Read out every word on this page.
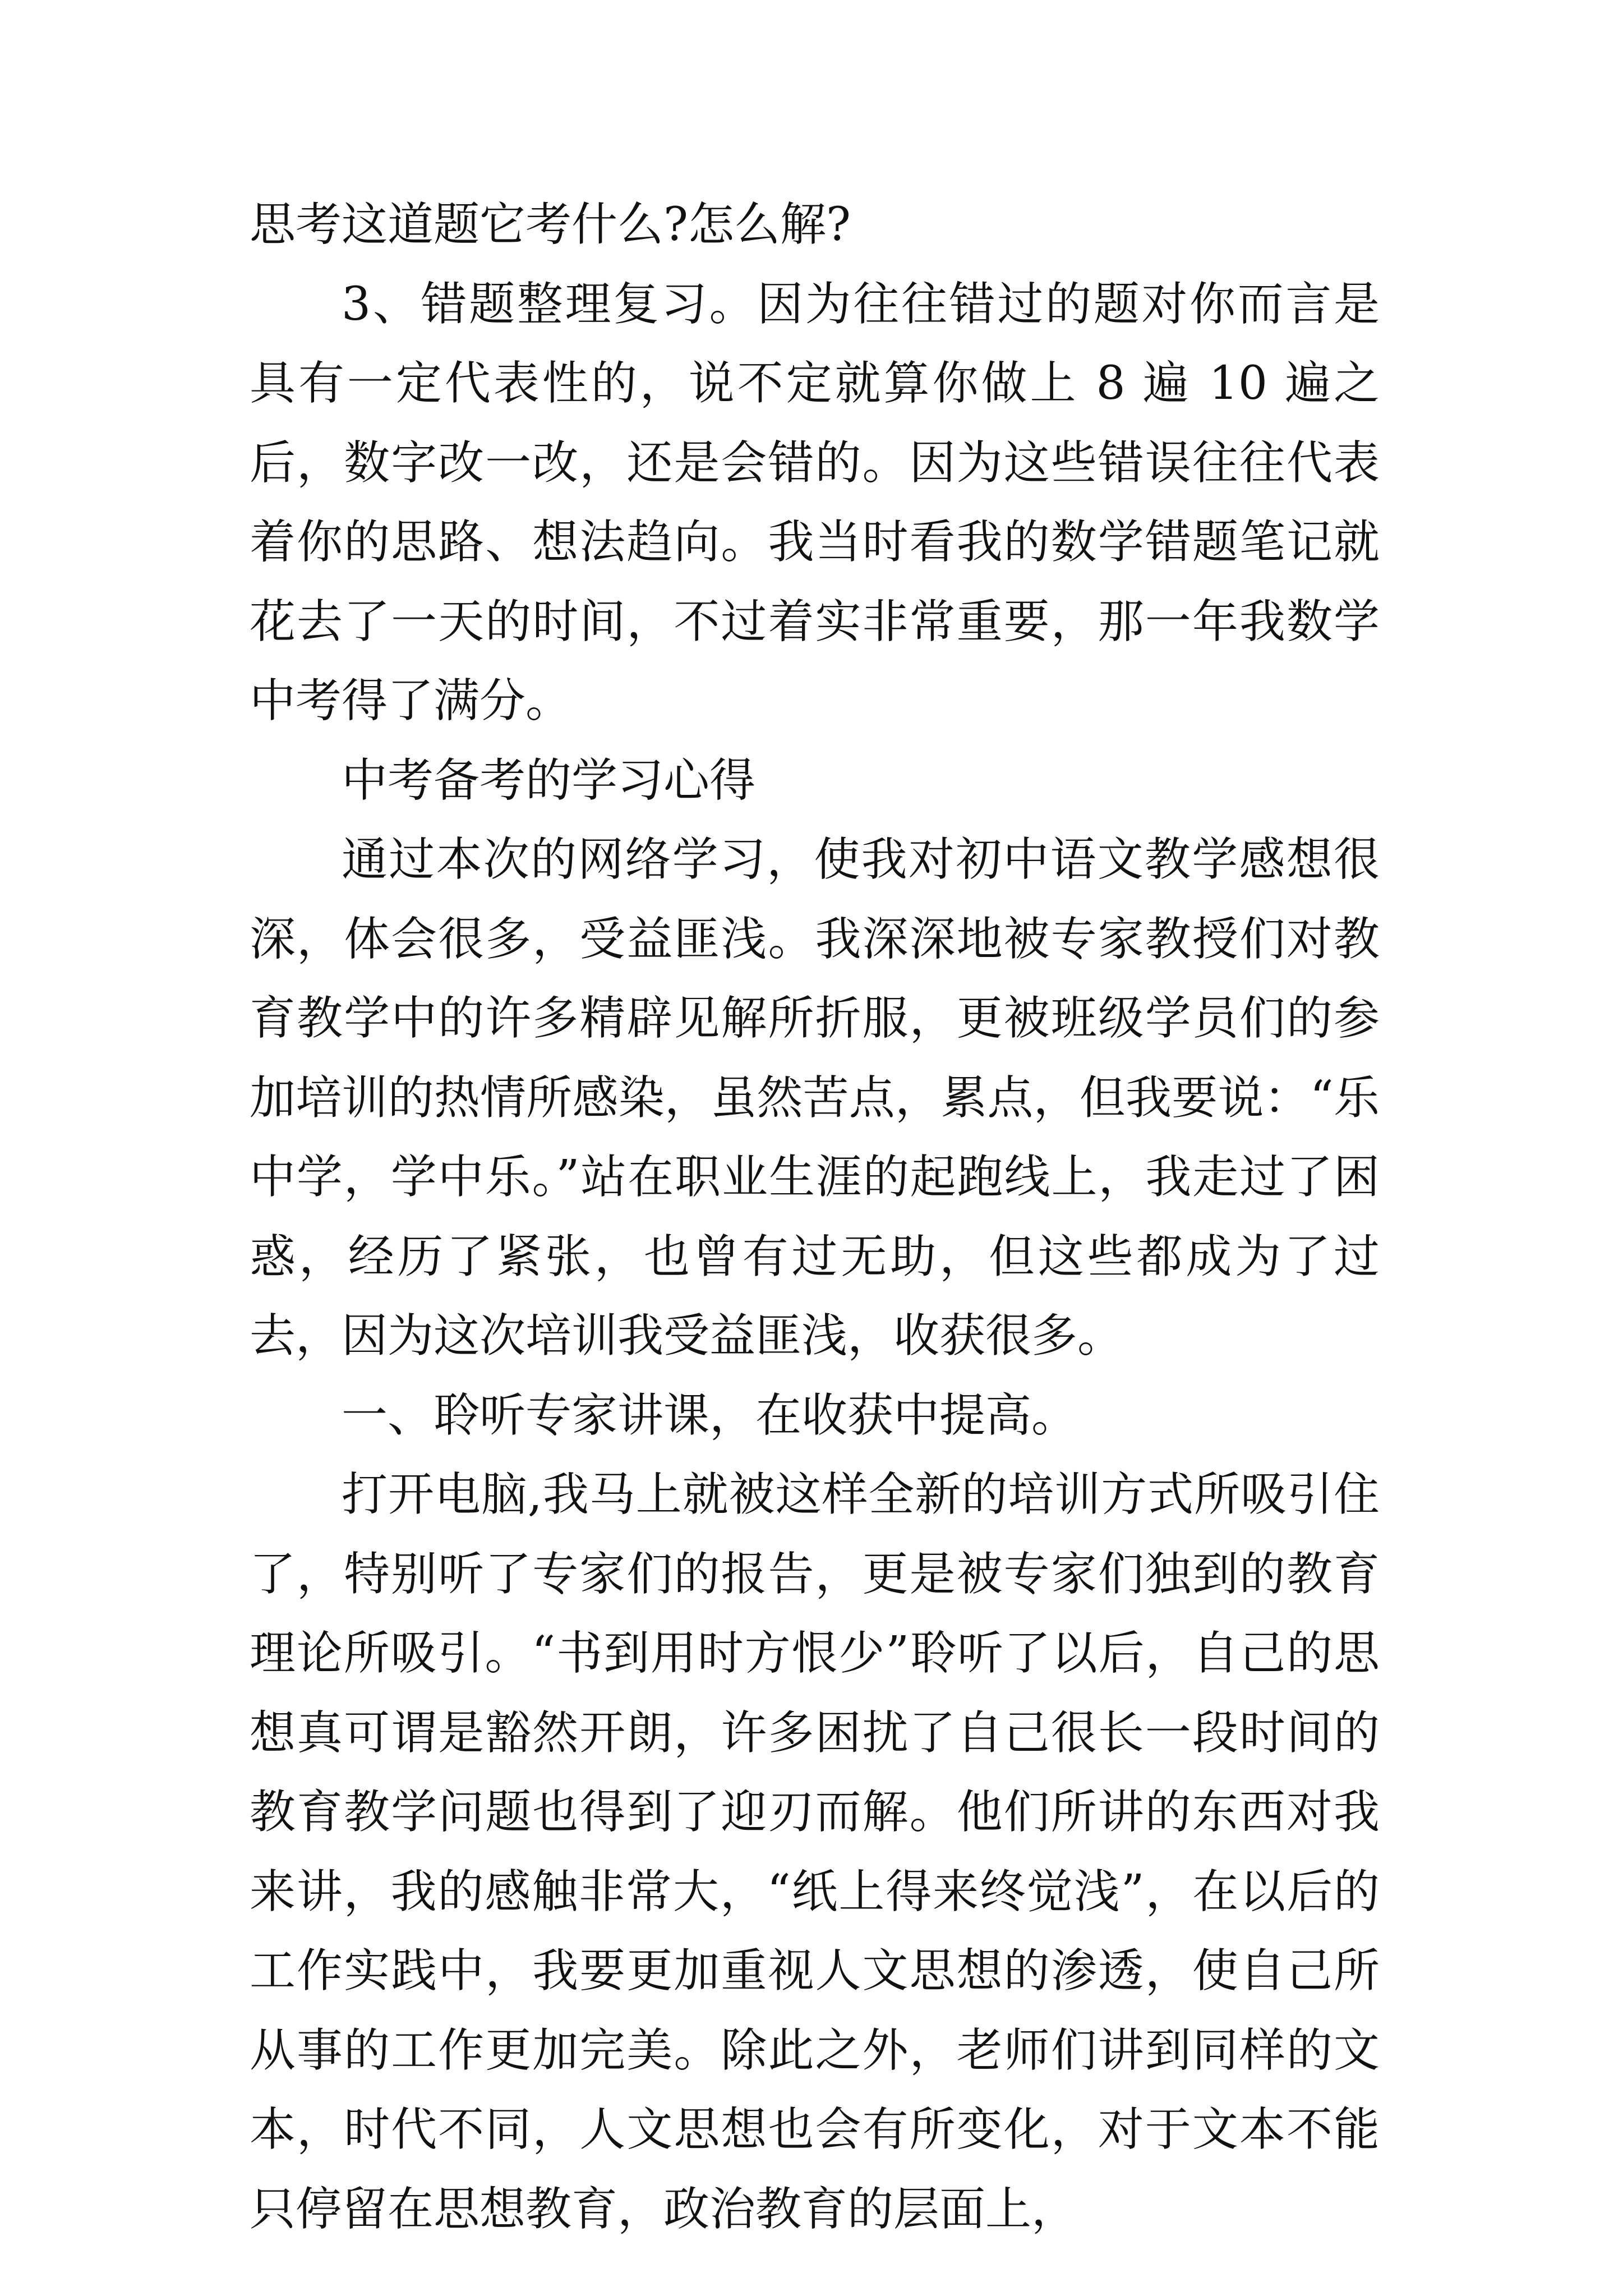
思考这道题它考什么?怎么解?

3、错题整理复习。因为往往错过的题对你而言是具有一定代表性的，说不定就算你做上 8 遍 10 遍之后，数字改一改，还是会错的。因为这些错误往往代表着你的思路、想法趋向。我当时看我的数学错题笔记就花去了一天的时间，不过着实非常重要，那一年我数学中考得了满分。

中考备考的学习心得

通过本次的网络学习，使我对初中语文教学感想很深，体会很多，受益匪浅。我深深地被专家教授们对教育教学中的许多精辟见解所折服，更被班级学员们的参加培训的热情所感染，虽然苦点，累点，但我要说：“乐中学，学中乐。”站在职业生涯的起跑线上，我走过了困惑，经历了紧张，也曾有过无助，但这些都成为了过去，因为这次培训我受益匪浅，收获很多。

一、聆听专家讲课，在收获中提高。

打开电脑,我马上就被这样全新的培训方式所吸引住了，特别听了专家们的报告，更是被专家们独到的教育理论所吸引。“书到用时方恨少”聆听了以后，自己的思想真可谓是豁然开朗，许多困扰了自己很长一段时间的教育教学问题也得到了迎刃而解。他们所讲的东西对我来讲，我的感触非常大，“纸上得来终觉浅”，在以后的工作实践中，我要更加重视人文思想的渗透，使自己所从事的工作更加完美。除此之外，老师们讲到同样的文本，时代不同，人文思想也会有所变化，对于文本不能只停留在思想教育，政治教育的层面上，
